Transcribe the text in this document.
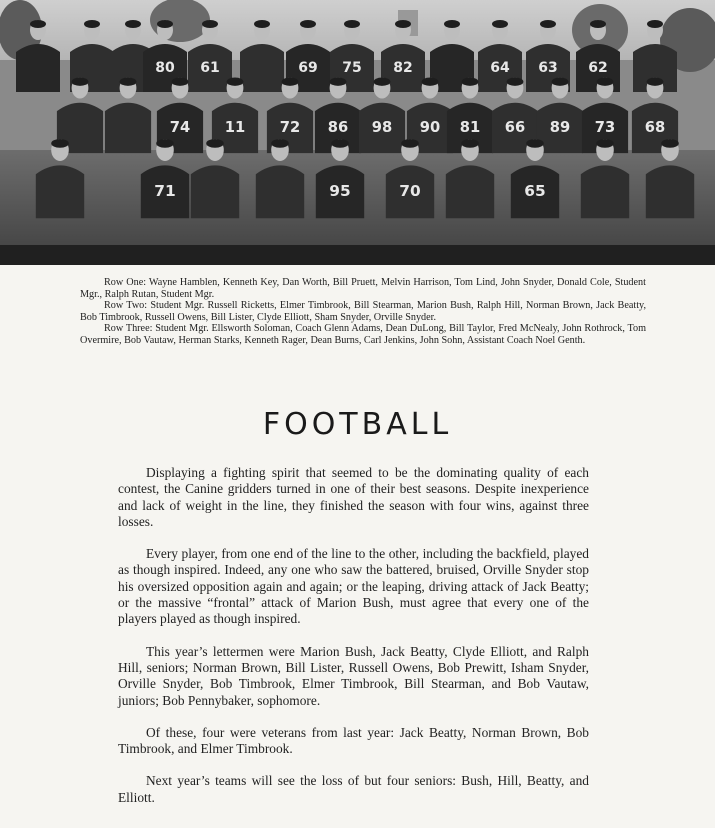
80 61	69 75 82	64 63 62
74 11 72 86 98 90 81 66 89 73 68
71	95	70	65

Row One: Wayne Hamblen, Kenneth Key, Dan Worth, Bill Pruett, Melvin Harrison, Tom Lind, John Snyder, Donald Cole, Student Mgr., Ralph Rutan, Student Mgr.

Row Two: Student Mgr. Russell Ricketts, Elmer Timbrook, Bill Stearman, Marion Bush, Ralph Hill, Norman Brown, Jack Beatty, Bob Timbrook, Russell Owens, Bill Lister, Clyde Elliott, Sham Snyder, Orville Snyder.

Row Three: Student Mgr. Ellsworth Soloman, Coach Glenn Adams, Dean DuLong, Bill Taylor, Fred McNealy, John Rothrock, Tom Overmire, Bob Vautaw, Herman Starks, Kenneth Rager, Dean Burns, Carl Jenkins, John Sohn, Assistant Coach Noel Genth.

FOOTBALL

Displaying a fighting spirit that seemed to be the dominating quality of each contest, the Canine gridders turned in one of their best seasons. Despite inexperience and lack of weight in the line, they finished the season with four wins, against three losses.

Every player, from one end of the line to the other, including the backfield, played as though inspired. Indeed, any one who saw the battered, bruised, Orville Snyder stop his oversized opposition again and again; or the leaping, driving attack of Jack Beatty; or the massive “frontal” attack of Marion Bush, must agree that every one of the players played as though inspired.

This year’s lettermen were Marion Bush, Jack Beatty, Clyde Elliott, and Ralph Hill, seniors; Norman Brown, Bill Lister, Russell Owens, Bob Prewitt, Isham Snyder, Orville Snyder, Bob Timbrook, Elmer Timbrook, Bill Stearman, and Bob Vautaw, juniors; Bob Pennybaker, sophomore.

Of these, four were veterans from last year: Jack Beatty, Norman Brown, Bob Timbrook, and Elmer Timbrook.

Next year’s teams will see the loss of but four seniors: Bush, Hill, Beatty, and Elliott.
